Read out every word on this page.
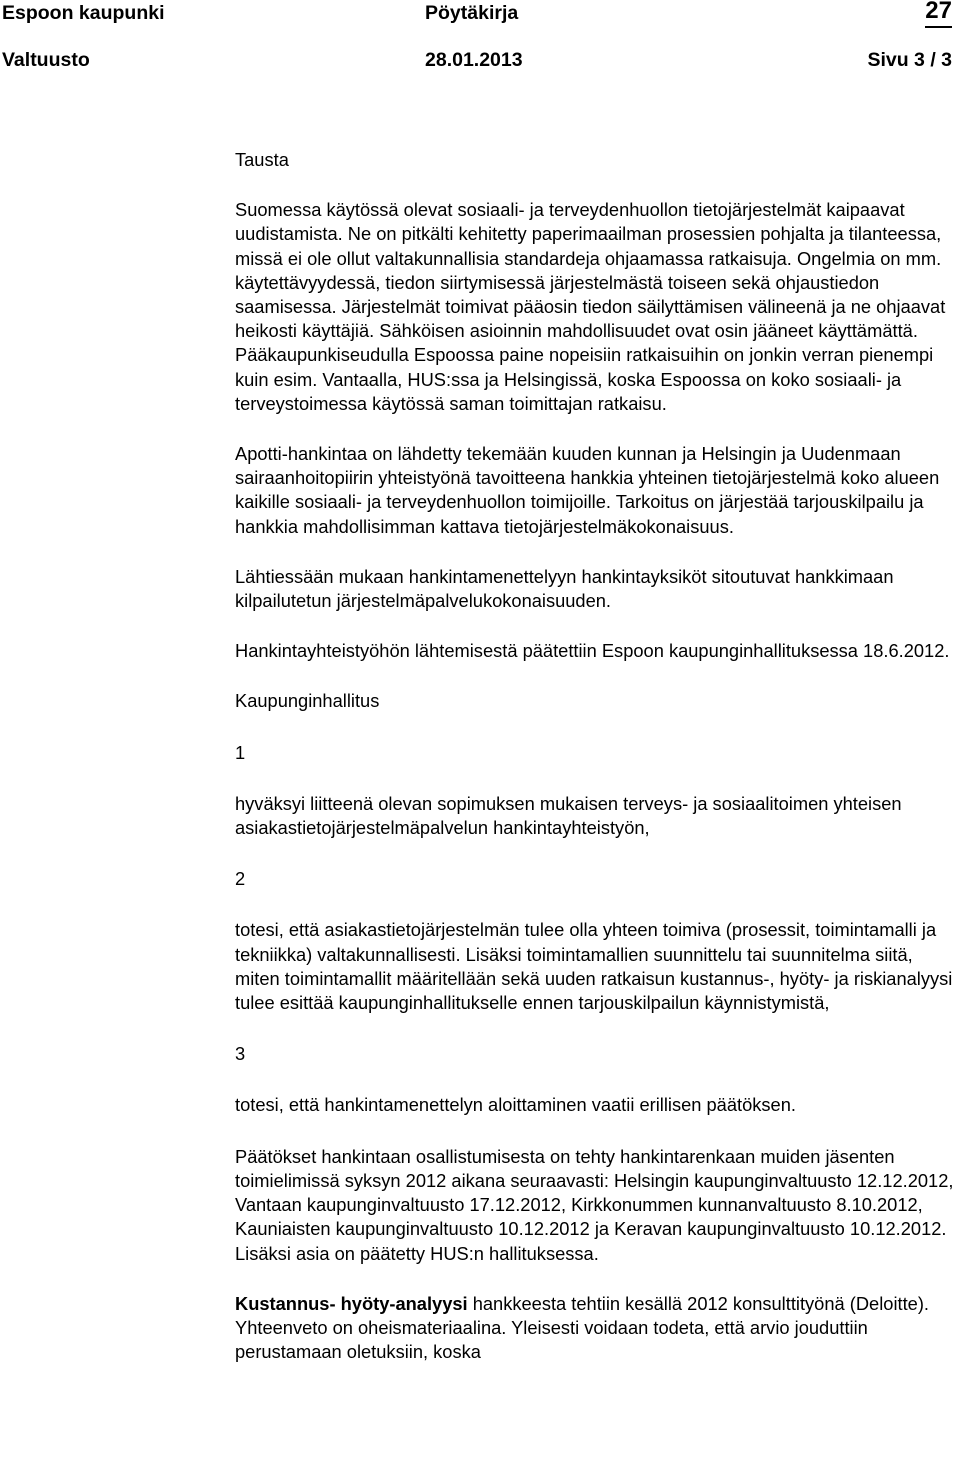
Espoon kaupunki	Pöytäkirja	27
Valtuusto	28.01.2013	Sivu 3 / 3

Tausta

Suomessa käytössä olevat sosiaali- ja terveydenhuollon tietojärjestelmät kaipaavat uudistamista. Ne on pitkälti kehitetty paperimaailman prosessien pohjalta ja tilanteessa, missä ei ole ollut valtakunnallisia standardeja ohjaamassa ratkaisuja. Ongelmia on mm. käytettävyydessä, tiedon siirtymisessä järjestelmästä toiseen sekä ohjaustiedon saamisessa. Järjestelmät toimivat pääosin tiedon säilyttämisen välineenä ja ne ohjaavat heikosti käyttäjiä. Sähköisen asioinnin mahdollisuudet ovat osin jääneet käyttämättä. Pääkaupunkiseudulla Espoossa paine nopeisiin ratkaisuihin on jonkin verran pienempi kuin esim. Vantaalla, HUS:ssa ja Helsingissä, koska Espoossa on koko sosiaali- ja terveystoimessa käytössä saman toimittajan ratkaisu.

Apotti-hankintaa on lähdetty tekemään kuuden kunnan ja Helsingin ja Uudenmaan sairaanhoitopiirin yhteistyönä tavoitteena hankkia yhteinen tietojärjestelmä koko alueen kaikille sosiaali- ja terveydenhuollon toimijoille. Tarkoitus on järjestää tarjouskilpailu ja hankkia mahdollisimman kattava tietojärjestelmäkokonaisuus.

Lähtiessään mukaan hankintamenettelyyn hankintayksiköt sitoutuvat hankkimaan kilpailutetun järjestelmäpalvelukokonaisuuden.

Hankintayhteistyöhön lähtemisestä päätettiin Espoon kaupunginhallituksessa 18.6.2012.

Kaupunginhallitus

1

hyväksyi liitteenä olevan sopimuksen mukaisen terveys- ja sosiaalitoimen yhteisen asiakastietojärjestelmäpalvelun hankintayhteistyön,

2

totesi, että asiakastietojärjestelmän tulee olla yhteen toimiva (prosessit, toimintamalli ja tekniikka) valtakunnallisesti. Lisäksi toimintamallien suunnittelu tai suunnitelma siitä, miten toimintamallit määritellään sekä uuden ratkaisun kustannus-, hyöty- ja riskianalyysi tulee esittää kaupunginhallitukselle ennen tarjouskilpailun käynnistymistä,

3

totesi, että hankintamenettelyn aloittaminen vaatii erillisen päätöksen.

Päätökset hankintaan osallistumisesta on tehty hankintarenkaan muiden jäsenten toimielimissä syksyn 2012 aikana seuraavasti: Helsingin kaupunginvaltuusto 12.12.2012, Vantaan kaupunginvaltuusto 17.12.2012, Kirkkonummen kunnanvaltuusto 8.10.2012, Kauniaisten kaupunginvaltuusto 10.12.2012 ja Keravan kaupunginvaltuusto 10.12.2012. Lisäksi asia on päätetty HUS:n hallituksessa.

Kustannus- hyöty-analyysi hankkeesta tehtiin kesällä 2012 konsulttityönä (Deloitte). Yhteenveto on oheismateriaalina. Yleisesti voidaan todeta, että arvio jouduttiin perustamaan oletuksiin, koska
